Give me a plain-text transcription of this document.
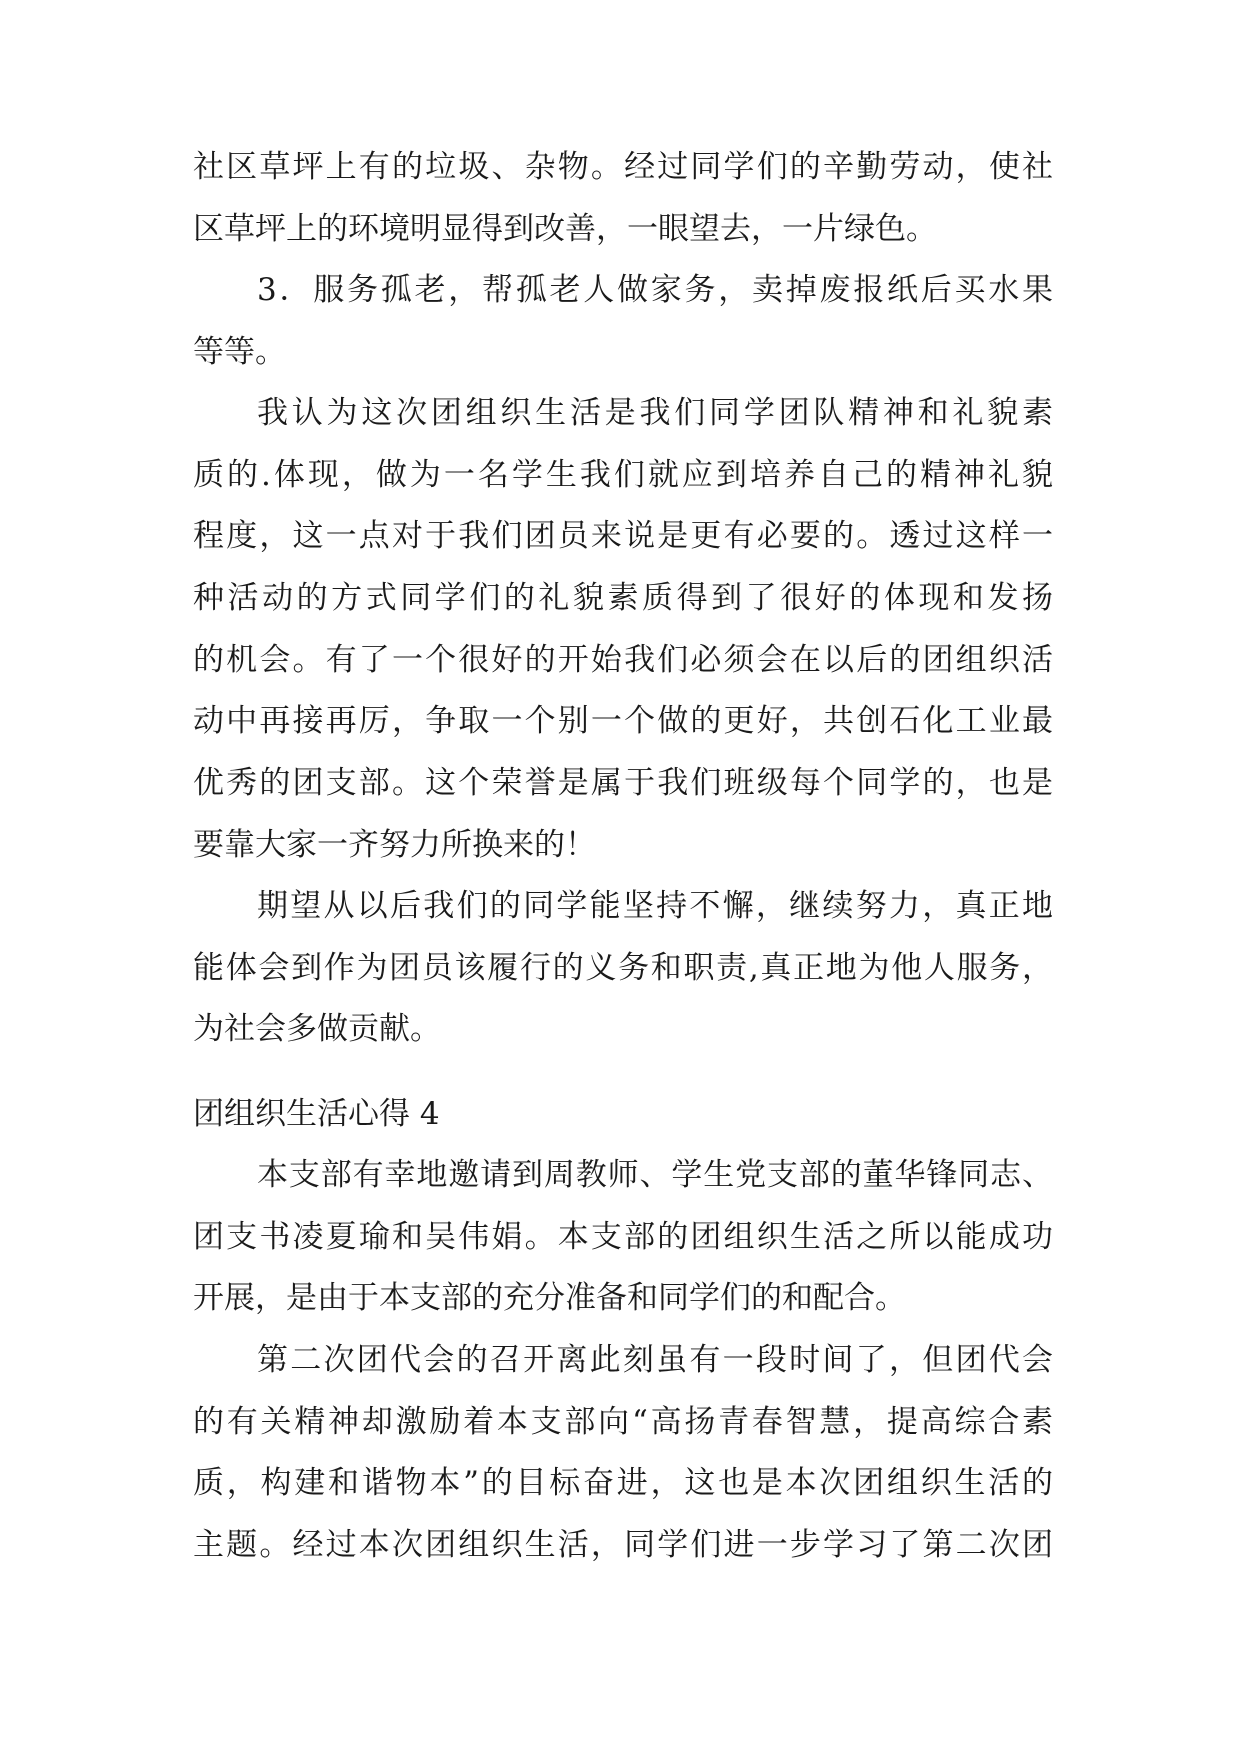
社区草坪上有的垃圾、杂物。经过同学们的辛勤劳动，使社
区草坪上的环境明显得到改善，一眼望去，一片绿色。
3．服务孤老，帮孤老人做家务，卖掉废报纸后买水果
等等。
我认为这次团组织生活是我们同学团队精神和礼貌素
质的.体现，做为一名学生我们就应到培养自己的精神礼貌
程度，这一点对于我们团员来说是更有必要的。透过这样一
种活动的方式同学们的礼貌素质得到了很好的体现和发扬
的机会。有了一个很好的开始我们必须会在以后的团组织活
动中再接再厉，争取一个别一个做的更好，共创石化工业最
优秀的团支部。这个荣誉是属于我们班级每个同学的，也是
要靠大家一齐努力所换来的！
期望从以后我们的同学能坚持不懈，继续努力，真正地
能体会到作为团员该履行的义务和职责,真正地为他人服务，
为社会多做贡献。
团组织生活心得 4
本支部有幸地邀请到周教师、学生党支部的董华锋同志、
团支书凌夏瑜和吴伟娟。本支部的团组织生活之所以能成功
开展，是由于本支部的充分准备和同学们的和配合。
第二次团代会的召开离此刻虽有一段时间了，但团代会
的有关精神却激励着本支部向“高扬青春智慧，提高综合素
质，构建和谐物本”的目标奋进，这也是本次团组织生活的
主题。经过本次团组织生活，同学们进一步学习了第二次团
